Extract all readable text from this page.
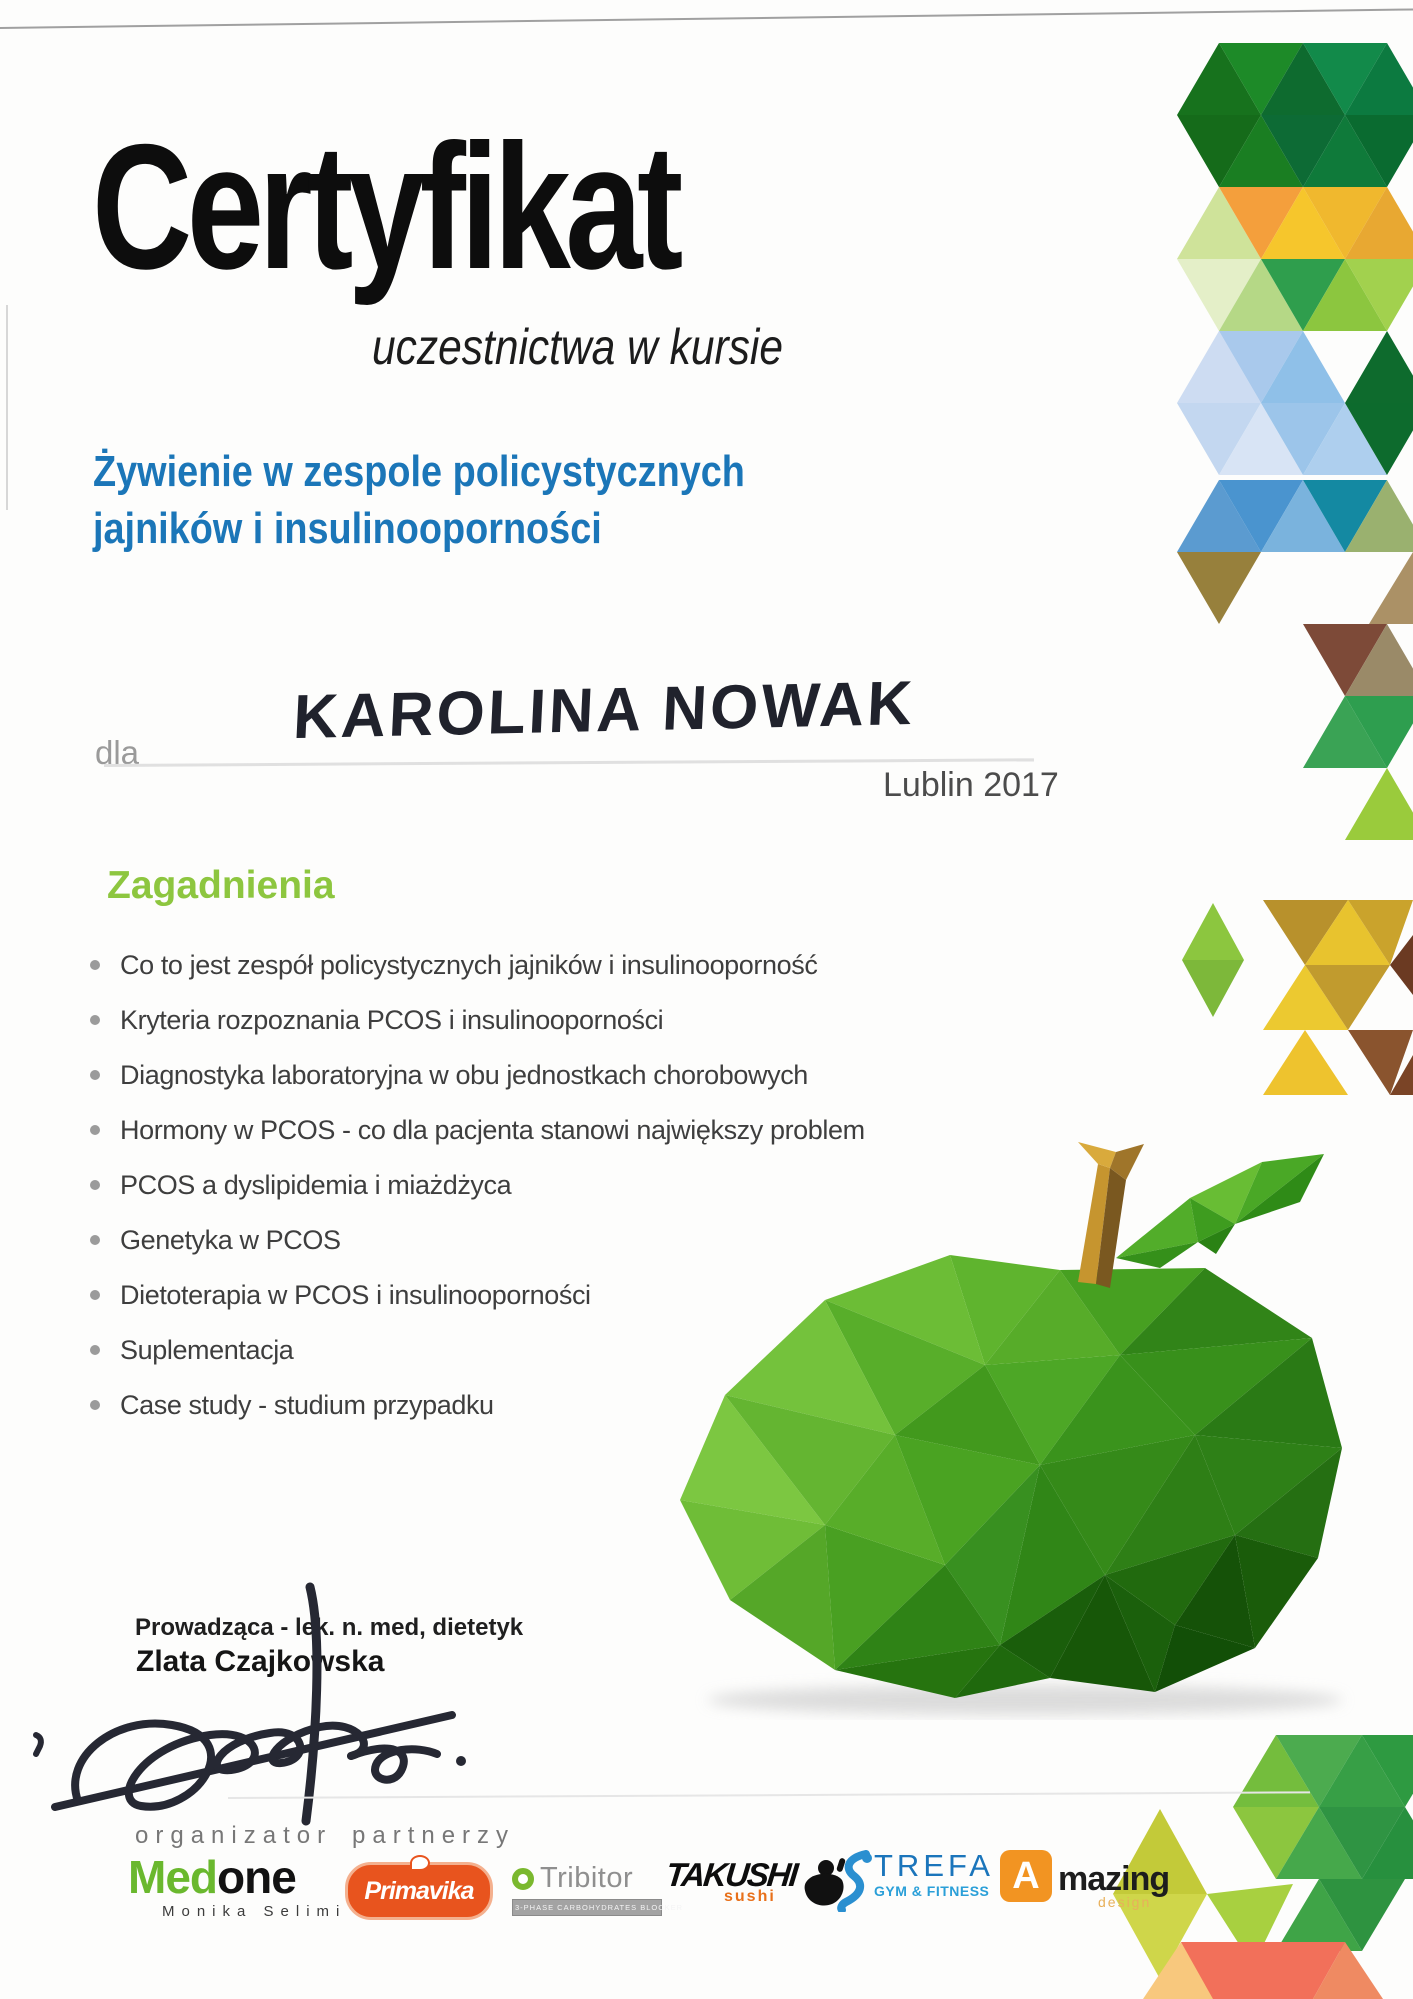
Certyfikat
uczestnictwa w kursie
Żywienie w zespole policystycznych
jajników i insulinooporności
dla
KAROLINA NOWAK
Lublin 2017
Zagadnienia
Co to jest zespół policystycznych jajników i insulinooporność
Kryteria rozpoznania PCOS i insulinooporności
Diagnostyka laboratoryjna w obu jednostkach chorobowych
Hormony w PCOS - co dla pacjenta stanowi największy problem
PCOS a dyslipidemia i miażdżyca
Genetyka w PCOS
Dietoterapia w PCOS i insulinooporności
Suplementacja
Case study - studium przypadku
Prowadząca - lek. n. med, dietetyk
Zlata Czajkowska
organizator partnerzy
Medone
Monika Selimi
Primavika Tribitor
3-PHASE CARBOHYDRATES BLOCKER
TAKUSHI
sushi
TREFA
GYM & FITNESS A mazing
design
